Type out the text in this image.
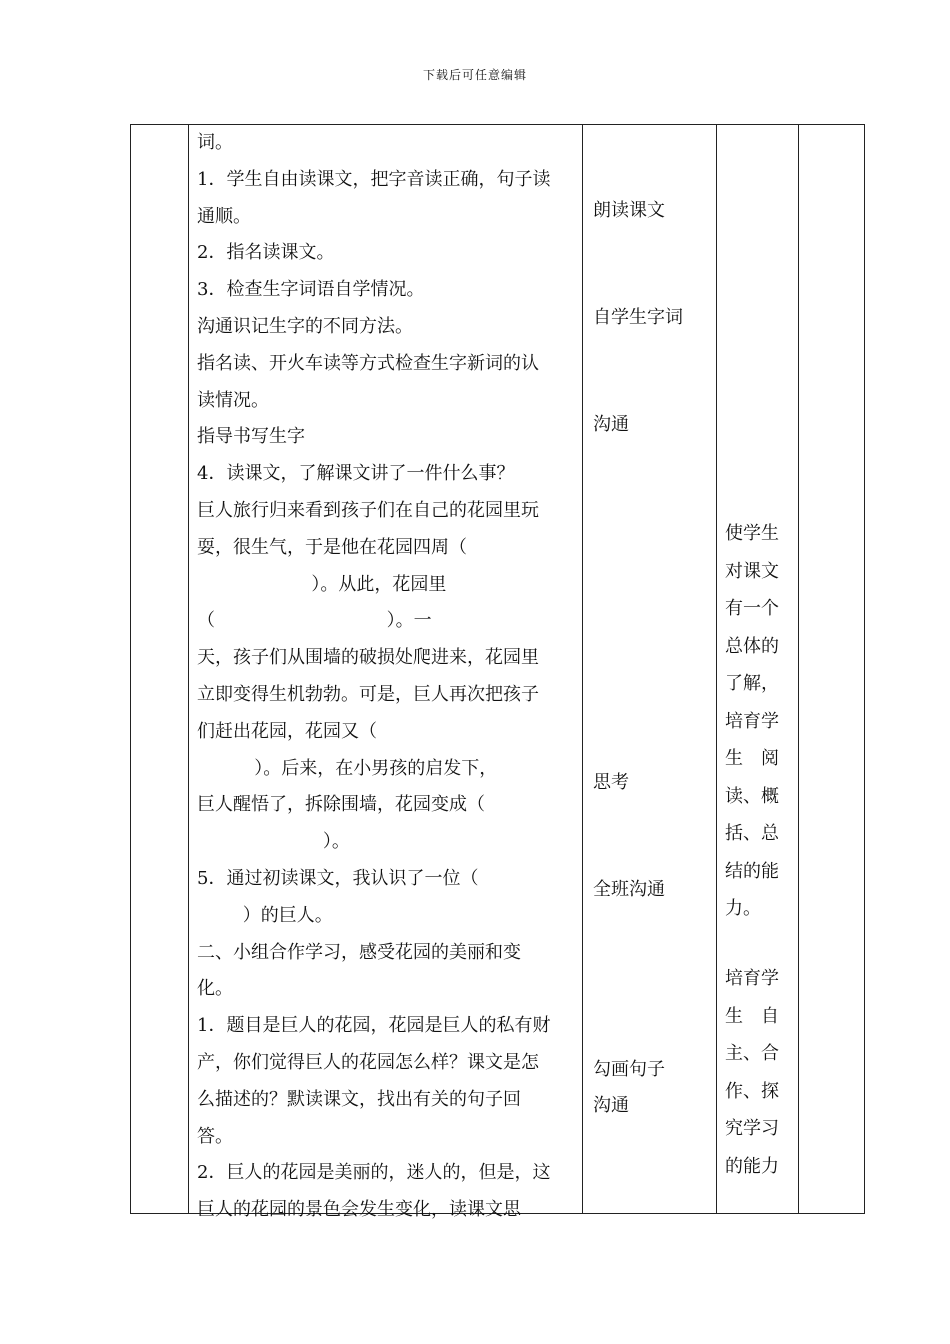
下载后可任意编辑
词。
1．学生自由读课文，把字音读正确，句子读
通顺。
2．指名读课文。
3．检查生字词语自学情况。
沟通识记生字的不同方法。
指名读、开火车读等方式检查生字新词的认
读情况。
指导书写生字
4．读课文，了解课文讲了一件什么事？
巨人旅行归来看到孩子们在自己的花园里玩
耍，很生气，于是他在花园四周（
）。从此，花园里
（                              ）。一
天，孩子们从围墙的破损处爬进来，花园里
立即变得生机勃勃。可是，巨人再次把孩子
们赶出花园，花园又（
）。后来，在小男孩的启发下，
巨人醒悟了，拆除围墙，花园变成（
）。
5．通过初读课文，我认识了一位（
）的巨人。
二、小组合作学习，感受花园的美丽和变
化。
1．题目是巨人的花园，花园是巨人的私有财
产，你们觉得巨人的花园怎么样？课文是怎
么描述的？默读课文，找出有关的句子回
答。
2．巨人的花园是美丽的，迷人的，但是，这
巨人的花园的景色会发生变化，读课文思
朗读课文
自学生字词
沟通
思考
全班沟通
勾画句子
沟通
使学生
对课文
有一个
总体的
了解，
培育学
生　阅
读、概
括、总
结的能
力。
培育学
生　自
主、合
作、探
究学习
的能力
